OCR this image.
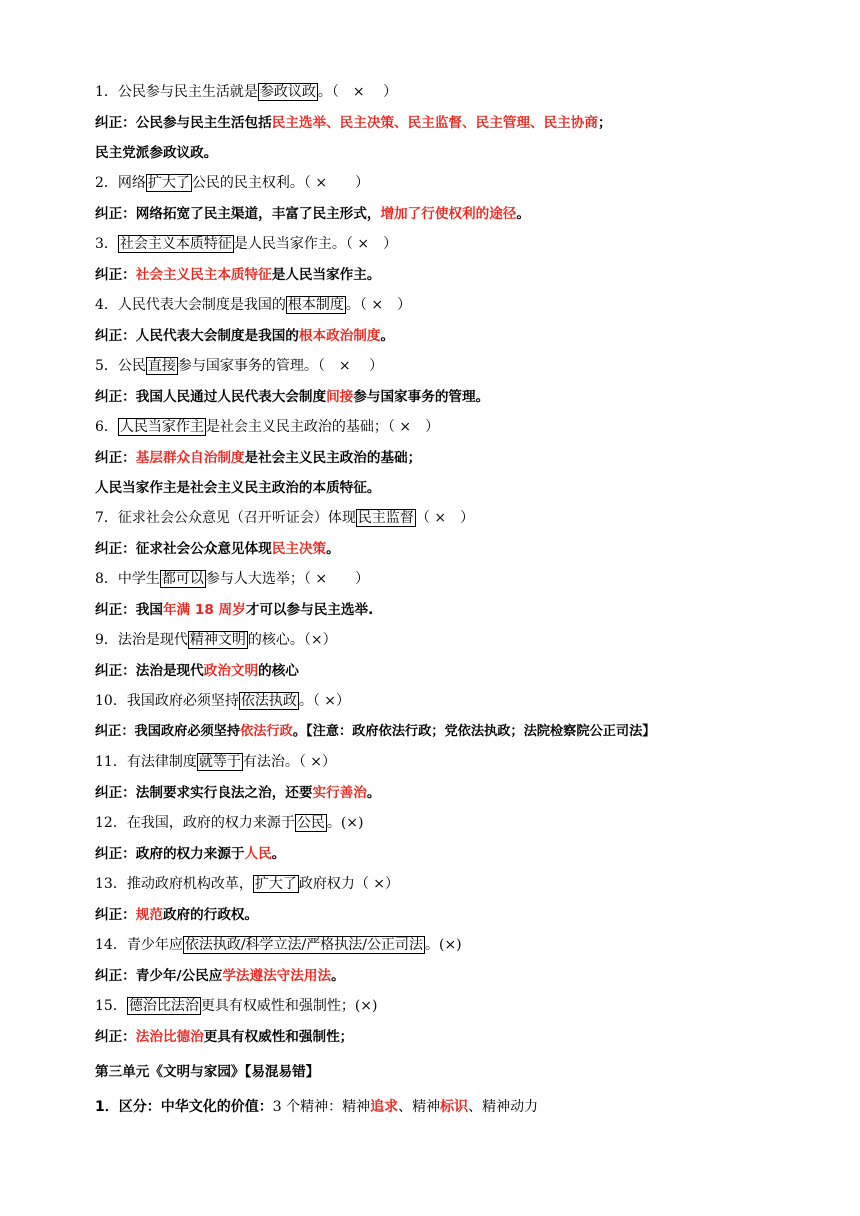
1．公民参与民主生活就是 参政议政 。（　×　 ）
纠正：公民参与民主生活包括民主选举、民主决策、民主监督、民主管理、民主协商；
民主党派参政议政。
2．网络 扩大了 公民的民主权利。（ ×　　）
纠正：网络拓宽了民主渠道，丰富了民主形式，增加了行使权利的途径。
3． 社会主义本质特征 是人民当家作主。（ ×　）
纠正：社会主义民主本质特征是人民当家作主。
4．人民代表大会制度是我国的 根本制度 。（ ×　）
纠正：人民代表大会制度是我国的根本政治制度。
5．公民 直接 参与国家事务的管理。（　×　 ）
纠正：我国人民通过人民代表大会制度间接参与国家事务的管理。
6． 人民当家作主 是社会主义民主政治的基础；（ ×　）
纠正：基层群众自治制度是社会主义民主政治的基础；
人民当家作主是社会主义民主政治的本质特征。
7．征求社会公众意见（召开听证会）体现 民主监督 （ ×　）
纠正：征求社会公众意见体现民主决策。
8．中学生 都可以 参与人大选举；（ ×　　）
纠正：我国年满 18 周岁才可以参与民主选举.
9．法治是现代 精神文明 的核心。（×）
纠正：法治是现代政治文明的核心
10．我国政府必须坚持 依法执政 。（ ×）
纠正：我国政府必须坚持依法行政。【注意：政府依法行政；党依法执政；法院检察院公正司法】
11．有法律制度 就等于 有法治。（ ×）
纠正：法制要求实行良法之治，还要实行善治。
12．在我国，政府的权力来源于 公民 。(×)
纠正：政府的权力来源于人民。
13．推动政府机构改革， 扩大了 政府权力（ ×）
纠正：规范政府的行政权。
14．青少年应 依法执政/科学立法/严格执法/公正司法 。(×)
纠正：青少年/公民应学法遵法守法用法。
15． 德治比法治 更具有权威性和强制性；(×)
纠正：法治比德治更具有权威性和强制性；
第三单元《文明与家园》【易混易错】
1．区分：中华文化的价值：3 个精神：精神追求、精神标识、精神动力
